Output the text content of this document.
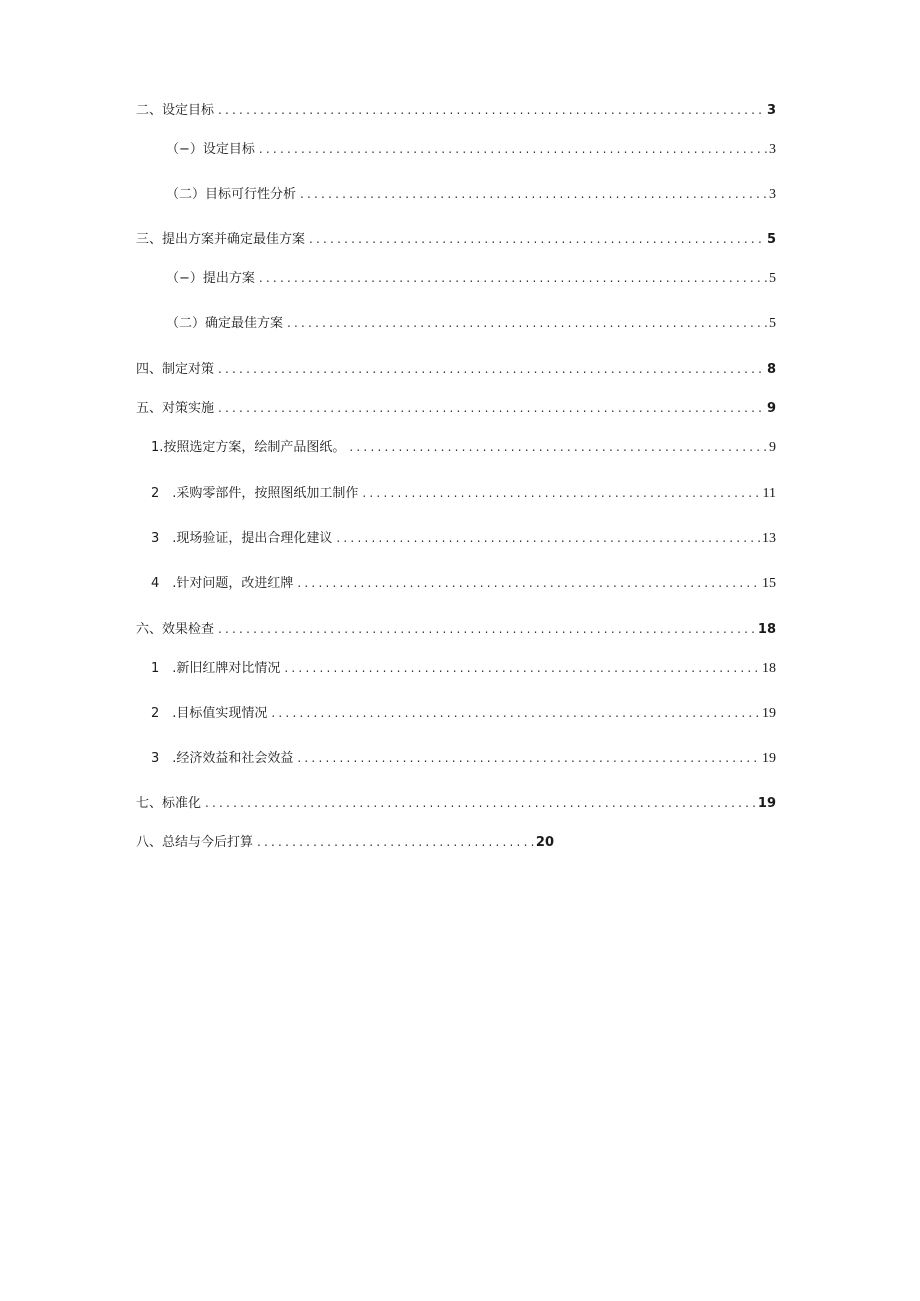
二、设定目标 .....	3
（−）设定目标 .....	3
（二）目标可行性分析 .....	3
三、提出方案并确定最佳方案 .....	5
（−）提出方案 .....	5
（二）确定最佳方案 .....	5
四、制定对策 .....	8
五、对策实施 .....	9
1.按照选定方案，绘制产品图纸。 .....	9
2　.采购零部件，按照图纸加工制作 .....	11
3　.现场验证，提出合理化建议 .....	13
4　.针对问题，改进红牌 .....	15
六、效果检查 .....	18
1　.新旧红牌对比情况 .....	18
2　.目标值实现情况 .....	19
3　.经济效益和社会效益 .....	19
七、标准化 .....	19
八、总结与今后打算 .....	20
